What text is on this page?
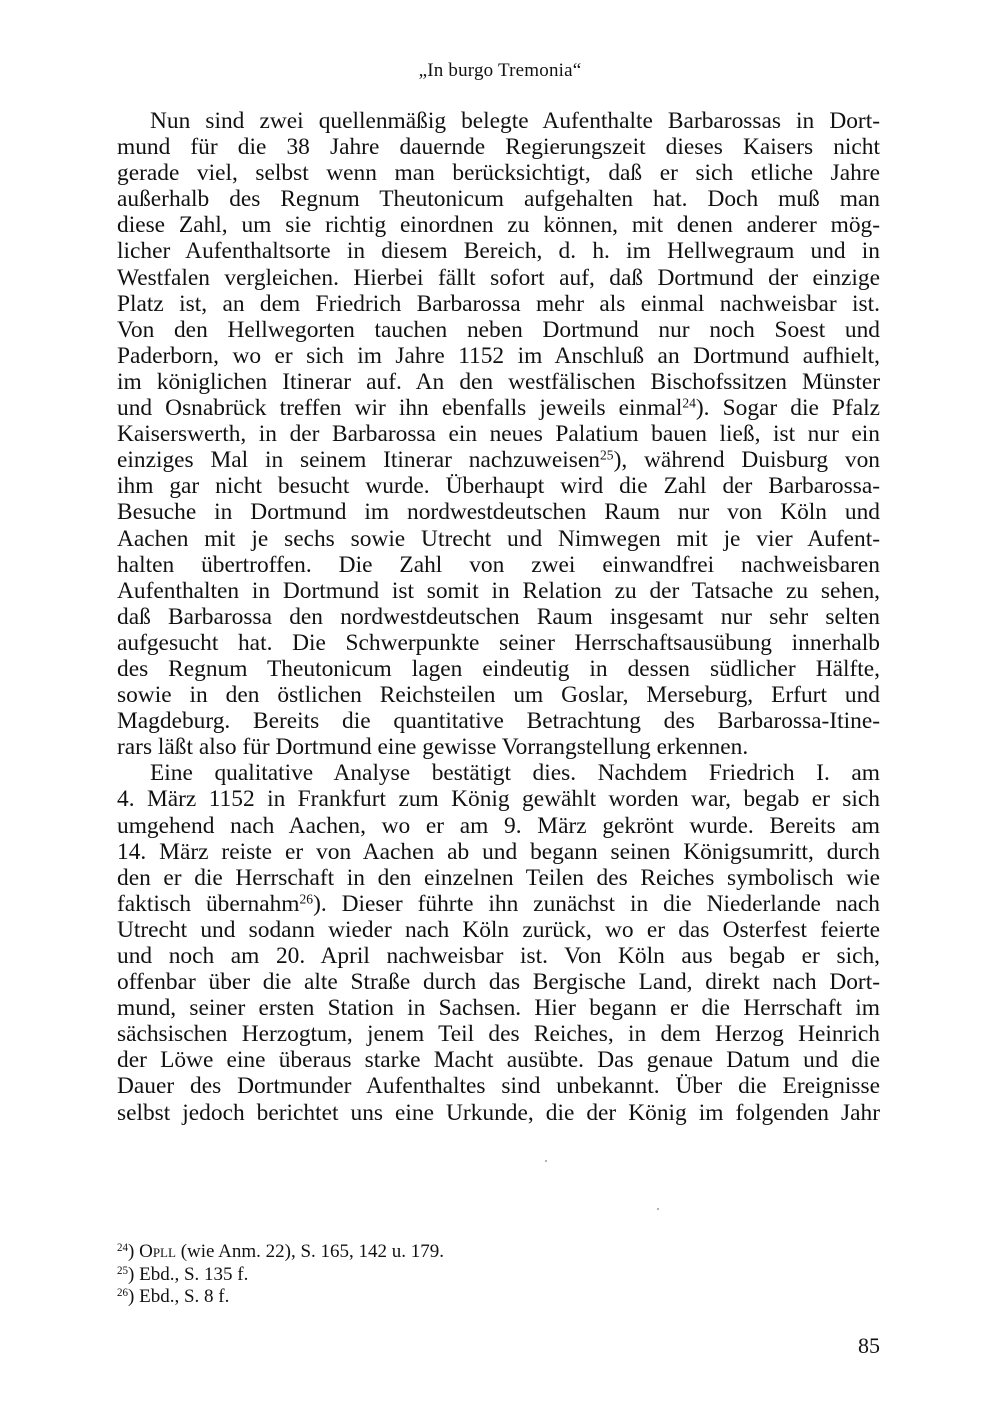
„In burgo Tremonia“

Nun sind zwei quellenmäßig belegte Aufenthalte Barbarossas in Dort-
mund für die 38 Jahre dauernde Regierungszeit dieses Kaisers nicht
gerade viel, selbst wenn man berücksichtigt, daß er sich etliche Jahre
außerhalb des Regnum Theutonicum aufgehalten hat. Doch muß man
diese Zahl, um sie richtig einordnen zu können, mit denen anderer mög-
licher Aufenthaltsorte in diesem Bereich, d. h. im Hellwegraum und in
Westfalen vergleichen. Hierbei fällt sofort auf, daß Dortmund der einzige
Platz ist, an dem Friedrich Barbarossa mehr als einmal nachweisbar ist.
Von den Hellwegorten tauchen neben Dortmund nur noch Soest und
Paderborn, wo er sich im Jahre 1152 im Anschluß an Dortmund aufhielt,
im königlichen Itinerar auf. An den westfälischen Bischofssitzen Münster
und Osnabrück treffen wir ihn ebenfalls jeweils einmal$^{24}$). Sogar die Pfalz
Kaiserswerth, in der Barbarossa ein neues Palatium bauen ließ, ist nur ein
einziges Mal in seinem Itinerar nachzuweisen$^{25}$), während Duisburg von
ihm gar nicht besucht wurde. Überhaupt wird die Zahl der Barbarossa-
Besuche in Dortmund im nordwestdeutschen Raum nur von Köln und
Aachen mit je sechs sowie Utrecht und Nimwegen mit je vier Aufent-
halten übertroffen. Die Zahl von zwei einwandfrei nachweisbaren
Aufenthalten in Dortmund ist somit in Relation zu der Tatsache zu sehen,
daß Barbarossa den nordwestdeutschen Raum insgesamt nur sehr selten
aufgesucht hat. Die Schwerpunkte seiner Herrschaftsausübung innerhalb
des Regnum Theutonicum lagen eindeutig in dessen südlicher Hälfte,
sowie in den östlichen Reichsteilen um Goslar, Merseburg, Erfurt und
Magdeburg. Bereits die quantitative Betrachtung des Barbarossa-Itine-
rars läßt also für Dortmund eine gewisse Vorrangstellung erkennen.

Eine qualitative Analyse bestätigt dies. Nachdem Friedrich I. am
4. März 1152 in Frankfurt zum König gewählt worden war, begab er sich
umgehend nach Aachen, wo er am 9. März gekrönt wurde. Bereits am
14. März reiste er von Aachen ab und begann seinen Königsumritt, durch
den er die Herrschaft in den einzelnen Teilen des Reiches symbolisch wie
faktisch übernahm$^{26}$). Dieser führte ihn zunächst in die Niederlande nach
Utrecht und sodann wieder nach Köln zurück, wo er das Osterfest feierte
und noch am 20. April nachweisbar ist. Von Köln aus begab er sich,
offenbar über die alte Straße durch das Bergische Land, direkt nach Dort-
mund, seiner ersten Station in Sachsen. Hier begann er die Herrschaft im
sächsischen Herzogtum, jenem Teil des Reiches, in dem Herzog Heinrich
der Löwe eine überaus starke Macht ausübte. Das genaue Datum und die
Dauer des Dortmunder Aufenthaltes sind unbekannt. Über die Ereignisse
selbst jedoch berichtet uns eine Urkunde, die der König im folgenden Jahr

$^{24}$) Opll (wie Anm. 22), S. 165, 142 u. 179.
$^{25}$) Ebd., S. 135 f.
$^{26}$) Ebd., S. 8 f.
85
